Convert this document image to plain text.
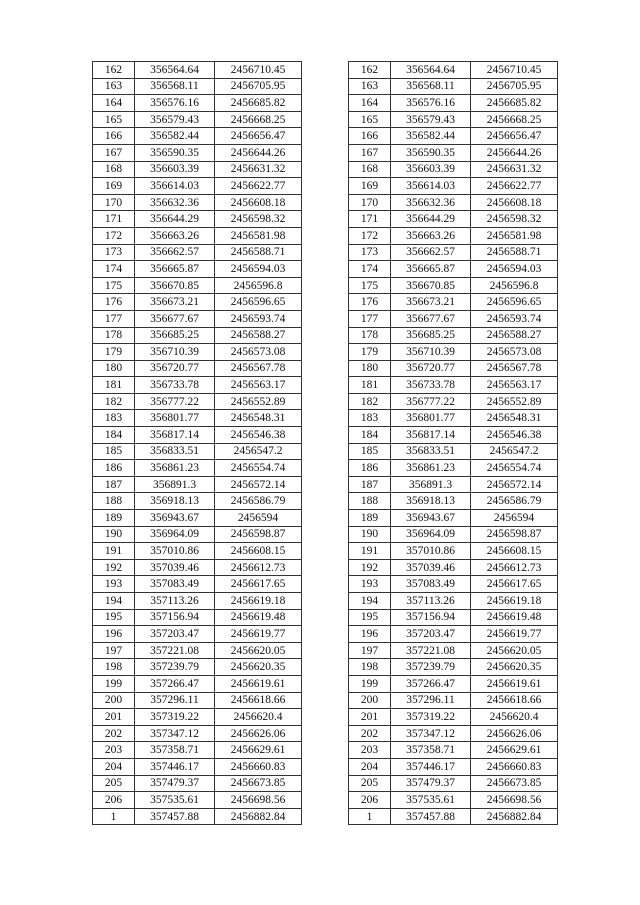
162	356564.64	2456710.45
163	356568.11	2456705.95
164	356576.16	2456685.82
165	356579.43	2456668.25
166	356582.44	2456656.47
167	356590.35	2456644.26
168	356603.39	2456631.32
169	356614.03	2456622.77
170	356632.36	2456608.18
171	356644.29	2456598.32
172	356663.26	2456581.98
173	356662.57	2456588.71
174	356665.87	2456594.03
175	356670.85	2456596.8
176	356673.21	2456596.65
177	356677.67	2456593.74
178	356685.25	2456588.27
179	356710.39	2456573.08
180	356720.77	2456567.78
181	356733.78	2456563.17
182	356777.22	2456552.89
183	356801.77	2456548.31
184	356817.14	2456546.38
185	356833.51	2456547.2
186	356861.23	2456554.74
187	356891.3	2456572.14
188	356918.13	2456586.79
189	356943.67	2456594
190	356964.09	2456598.87
191	357010.86	2456608.15
192	357039.46	2456612.73
193	357083.49	2456617.65
194	357113.26	2456619.18
195	357156.94	2456619.48
196	357203.47	2456619.77
197	357221.08	2456620.05
198	357239.79	2456620.35
199	357266.47	2456619.61
200	357296.11	2456618.66
201	357319.22	2456620.4
202	357347.12	2456626.06
203	357358.71	2456629.61
204	357446.17	2456660.83
205	357479.37	2456673.85
206	357535.61	2456698.56
1	357457.88	2456882.84
162	356564.64	2456710.45
163	356568.11	2456705.95
164	356576.16	2456685.82
165	356579.43	2456668.25
166	356582.44	2456656.47
167	356590.35	2456644.26
168	356603.39	2456631.32
169	356614.03	2456622.77
170	356632.36	2456608.18
171	356644.29	2456598.32
172	356663.26	2456581.98
173	356662.57	2456588.71
174	356665.87	2456594.03
175	356670.85	2456596.8
176	356673.21	2456596.65
177	356677.67	2456593.74
178	356685.25	2456588.27
179	356710.39	2456573.08
180	356720.77	2456567.78
181	356733.78	2456563.17
182	356777.22	2456552.89
183	356801.77	2456548.31
184	356817.14	2456546.38
185	356833.51	2456547.2
186	356861.23	2456554.74
187	356891.3	2456572.14
188	356918.13	2456586.79
189	356943.67	2456594
190	356964.09	2456598.87
191	357010.86	2456608.15
192	357039.46	2456612.73
193	357083.49	2456617.65
194	357113.26	2456619.18
195	357156.94	2456619.48
196	357203.47	2456619.77
197	357221.08	2456620.05
198	357239.79	2456620.35
199	357266.47	2456619.61
200	357296.11	2456618.66
201	357319.22	2456620.4
202	357347.12	2456626.06
203	357358.71	2456629.61
204	357446.17	2456660.83
205	357479.37	2456673.85
206	357535.61	2456698.56
1	357457.88	2456882.84
